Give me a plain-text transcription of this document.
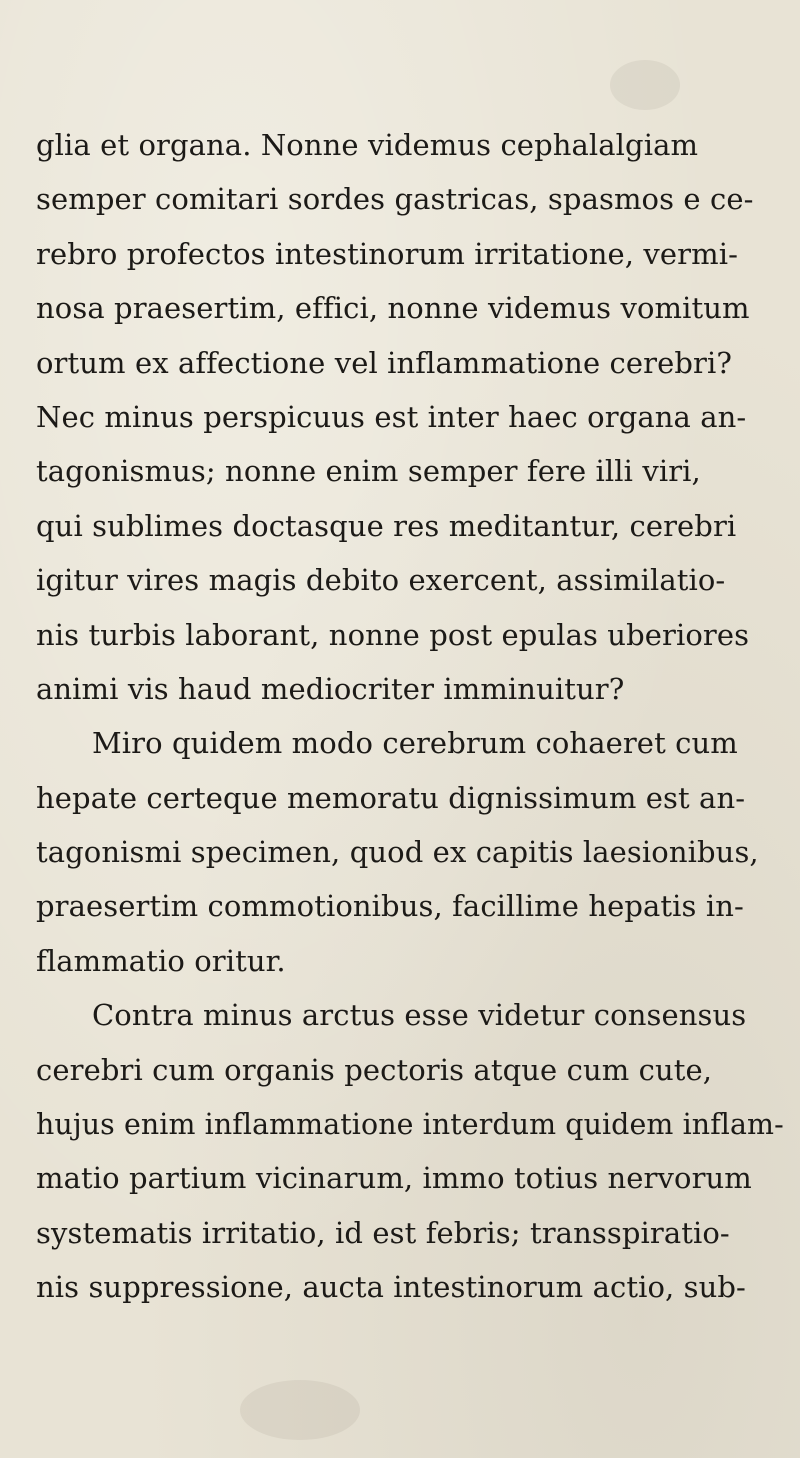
glia et organa. Nonne videmus cephalalgiam
semper comitari sordes gastricas, spasmos e ce-
rebro profectos intestinorum irritatione, vermi-
nosa praesertim, effici, nonne videmus vomitum
ortum ex affectione vel inflammatione cerebri?
Nec minus perspicuus est inter haec organa an-
tagonismus; nonne enim semper fere illi viri,
qui sublimes doctasque res meditantur, cerebri
igitur vires magis debito exercent, assimilatio-
nis turbis laborant, nonne post epulas uberiores
animi vis haud mediocriter imminuitur?
Miro quidem modo cerebrum cohaeret cum
hepate certeque memoratu dignissimum est an-
tagonismi specimen, quod ex capitis laesionibus,
praesertim commotionibus, facillime hepatis in-
flammatio oritur.
Contra minus arctus esse videtur consensus
cerebri cum organis pectoris atque cum cute,
hujus enim inflammatione interdum quidem inflam-
matio partium vicinarum, immo totius nervorum
systematis irritatio, id est febris; transspiratio-
nis suppressione, aucta intestinorum actio, sub-
